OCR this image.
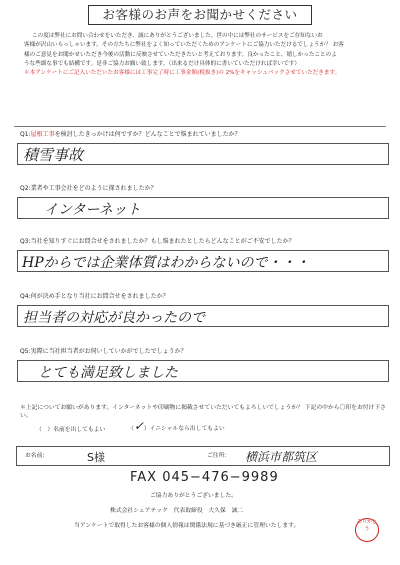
お客様のお声をお聞かせください

この度は弊社にお問い合わせをいただき、誠にありがとうございました。世の中には弊社のサービスをご存知ないお

客様が沢山いらっしゃいます。その方たちに弊社をよく知っていただくためのアンケートにご協力いただけるでしょうか？ お客

様のご意見をお聞かせいただき今後の活動に反映させていただきたいと考えております。良かったこと、嬉しかったことのよ

うな些細な事でも結構です。是非ご協力お願い致します。（出来るだけ具体的に書いていただければ幸いです）

＊本アンケートにご記入いただいたお客様には工事完了時に工事金額(税抜き)の 2%をキャッシュバックさせていただきます。

Q1:屋根工事を検討したきっかけは何ですか？どんなことで悩まれていましたか？
積雪事故
Q2:業者や工事会社をどのように探されましたか？
インターネット
Q3:当社を知りすぐにお問合せをされましたか？もし悩まれたとしたらどんなことがご不安でしたか？
HPからでは企業体質はわからないので・・・
Q4:何が決め手となり当社にお問合せをされましたか？
担当者の対応が良かったので
Q5:実際に当社担当者がお伺いしていかがでしたでしょうか？
とても満足致しました
＊上記についてお願いがあります。インターネットや印刷物に掲載させていただいてもよろしいでしょうか？ 下記の中から〇印をお付け下さい。
（ ）名前を出してもよい	（✓）イニシャルなら出してもよい
お名前：	S様	ご住所： 横浜市都筑区
FAX 045−476−9989
ご協力ありがとうございました。
株式会社シェアテック　代表取締役　大久保　誠二
当アンケートで取得したお客様の個人情報は関係法規に基づき厳正に管理いたします。
ありがとう
